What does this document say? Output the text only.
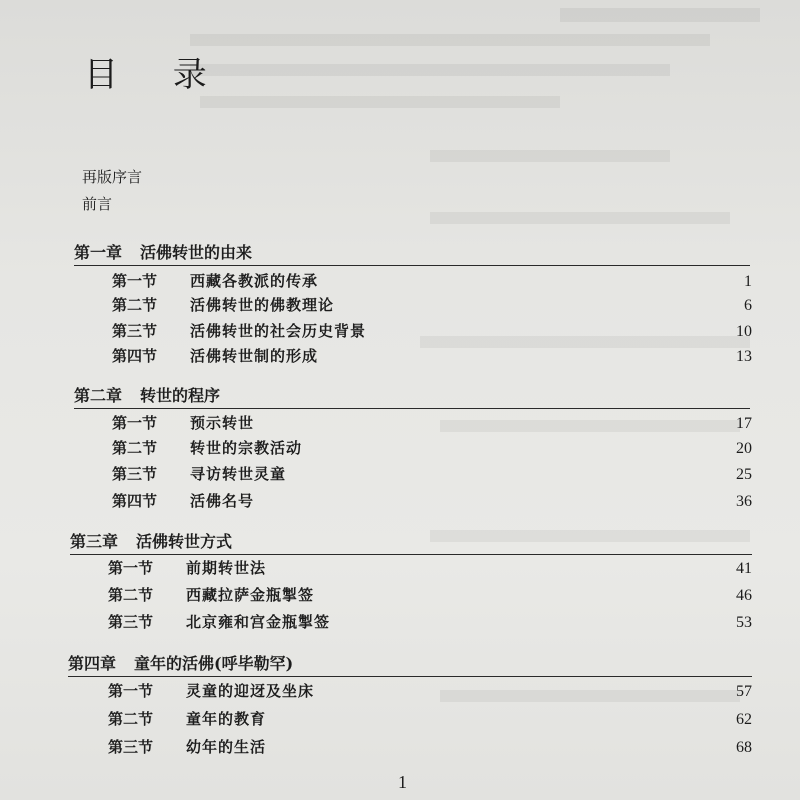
目 录

再版序言

前言

第一章 活佛转世的由来
第一节	西藏各教派的传承	1
第二节	活佛转世的佛教理论	6
第三节	活佛转世的社会历史背景	10
第四节	活佛转世制的形成	13
第二章 转世的程序
第一节	预示转世	17
第二节	转世的宗教活动	20
第三节	寻访转世灵童	25
第四节	活佛名号	36
第三章 活佛转世方式
第一节	前期转世法	41
第二节	西藏拉萨金瓶掣签	46
第三节	北京雍和宫金瓶掣签	53
第四章 童年的活佛(呼毕勒罕)
第一节	灵童的迎迓及坐床	57
第二节	童年的教育	62
第三节	幼年的生活	68
1
